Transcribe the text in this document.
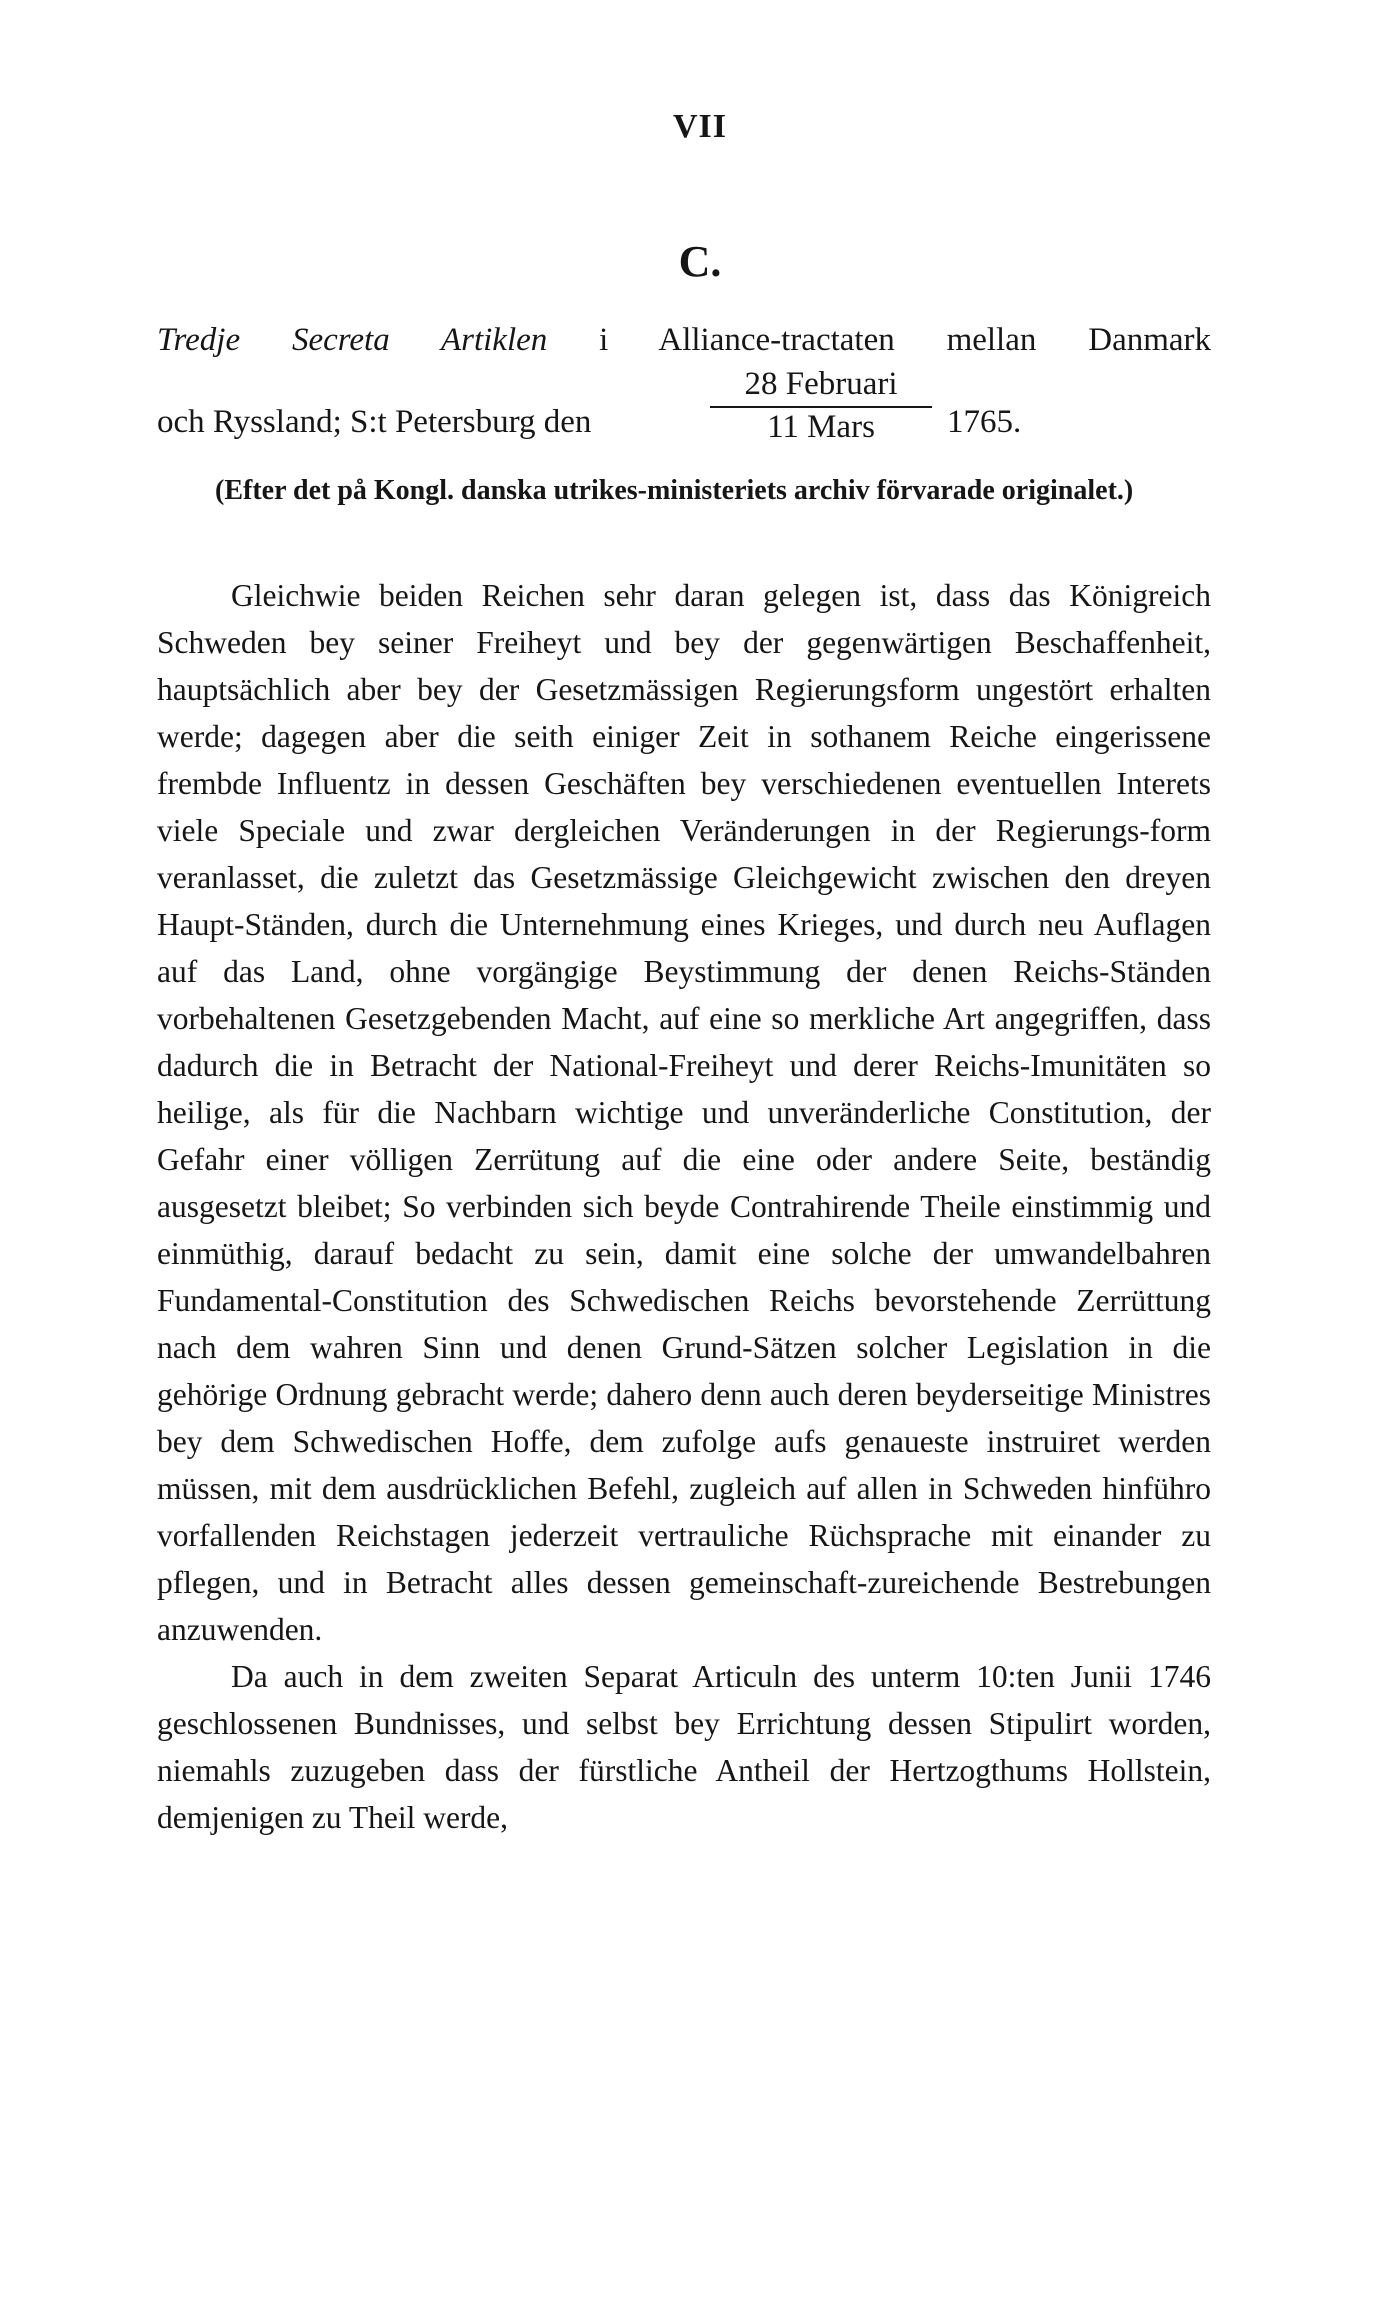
VII
C.
Tredje Secreta Artiklen i Alliance-tractaten mellan Danmark
och Ryssland; S:t Petersburg den
28 Februari
11 Mars	1765.
(Efter det på Kongl. danska utrikes-ministeriets archiv förvarade originalet.)

Gleichwie beiden Reichen sehr daran gelegen ist, dass das Königreich Schweden bey seiner Freiheyt und bey der gegenwärtigen Beschaffenheit, hauptsächlich aber bey der Gesetzmässigen Regierungsform ungestört erhalten werde; dagegen aber die seith einiger Zeit in sothanem Reiche eingerissene frembde Influentz in dessen Geschäften bey verschiedenen eventuellen Interets viele Speciale und zwar dergleichen Veränderungen in der Regierungs-form veranlasset, die zuletzt das Gesetzmässige Gleichgewicht zwischen den dreyen Haupt-Ständen, durch die Unternehmung eines Krieges, und durch neu Auflagen auf das Land, ohne vorgängige Beystimmung der denen Reichs-Ständen vorbehaltenen Gesetzgebenden Macht, auf eine so merkliche Art angegriffen, dass dadurch die in Betracht der National-Freiheyt und derer Reichs-Imunitäten so heilige, als für die Nachbarn wichtige und unveränderliche Constitution, der Gefahr einer völligen Zerrütung auf die eine oder andere Seite, beständig ausgesetzt bleibet; So verbinden sich beyde Contrahirende Theile einstimmig und einmüthig, darauf bedacht zu sein, damit eine solche der umwandelbahren Fundamental-Constitution des Schwedischen Reichs bevorstehende Zerrüttung nach dem wahren Sinn und denen Grund-Sätzen solcher Legislation in die gehörige Ordnung gebracht werde; dahero denn auch deren beyderseitige Ministres bey dem Schwedischen Hoffe, dem zufolge aufs genaueste instruiret werden müssen, mit dem ausdrücklichen Befehl, zugleich auf allen in Schweden hinführo vorfallenden Reichstagen jederzeit vertrauliche Rüchsprache mit einander zu pflegen, und in Betracht alles dessen gemeinschaft-zureichende Bestrebungen anzuwenden.

Da auch in dem zweiten Separat Articuln des unterm 10:ten Junii 1746 geschlossenen Bundnisses, und selbst bey Errichtung dessen Stipulirt worden, niemahls zuzugeben dass der fürstliche Antheil der Hertzogthums Hollstein, demjenigen zu Theil werde,
